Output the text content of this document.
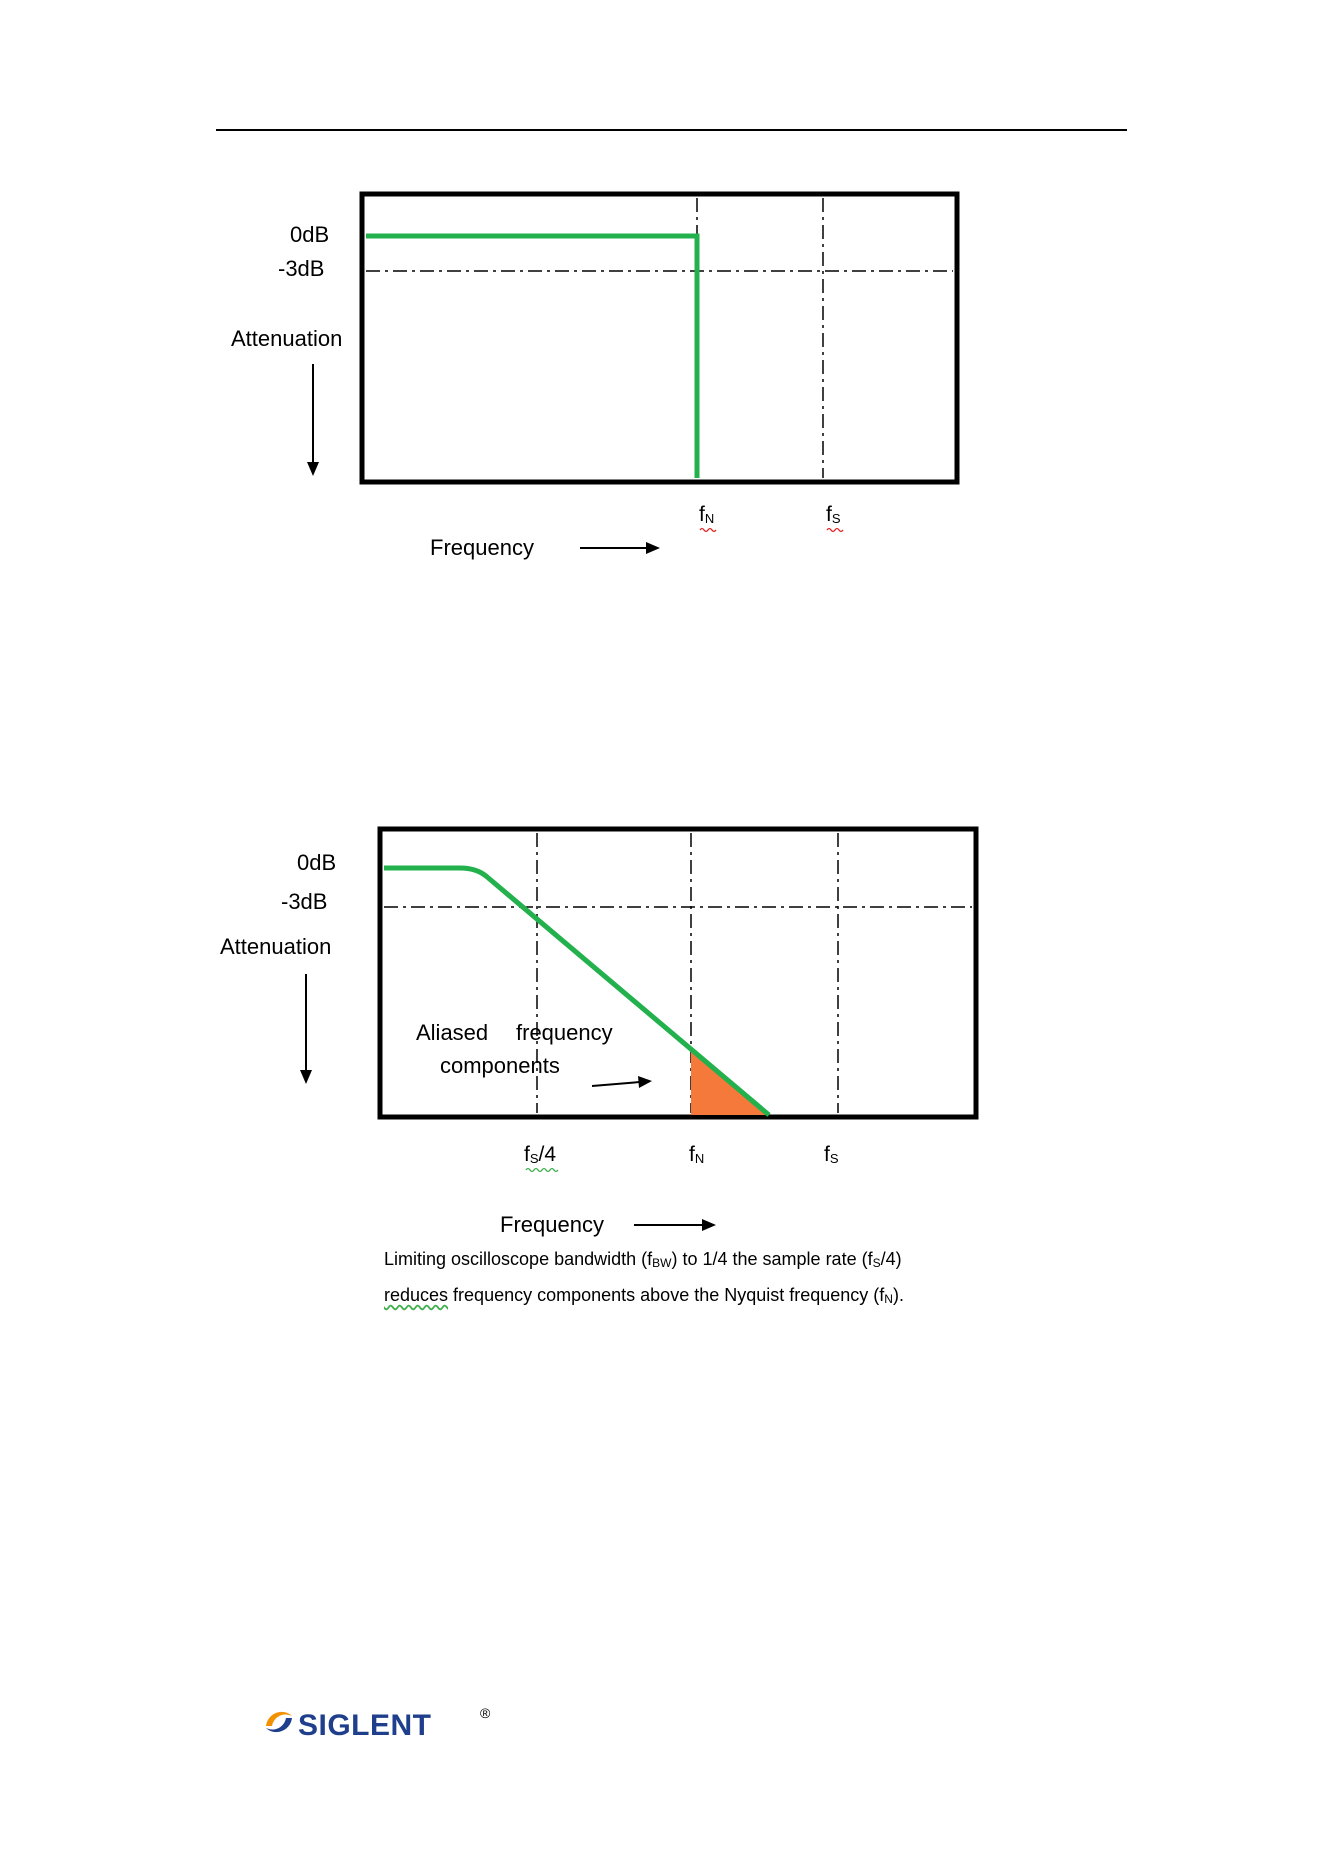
0dB
-3dB
Attenuation
fN	fS
Frequency
0dB
-3dB
Attenuation
Aliased frequency
components
fS/4	fN	fS
Frequency
Limiting oscilloscope bandwidth $(f_{BW})$ to 1/4 the sample rate $(f_S/4)$
reduces frequency components above the Nyquist frequency $(f_N)$.
SIGLENT	®
